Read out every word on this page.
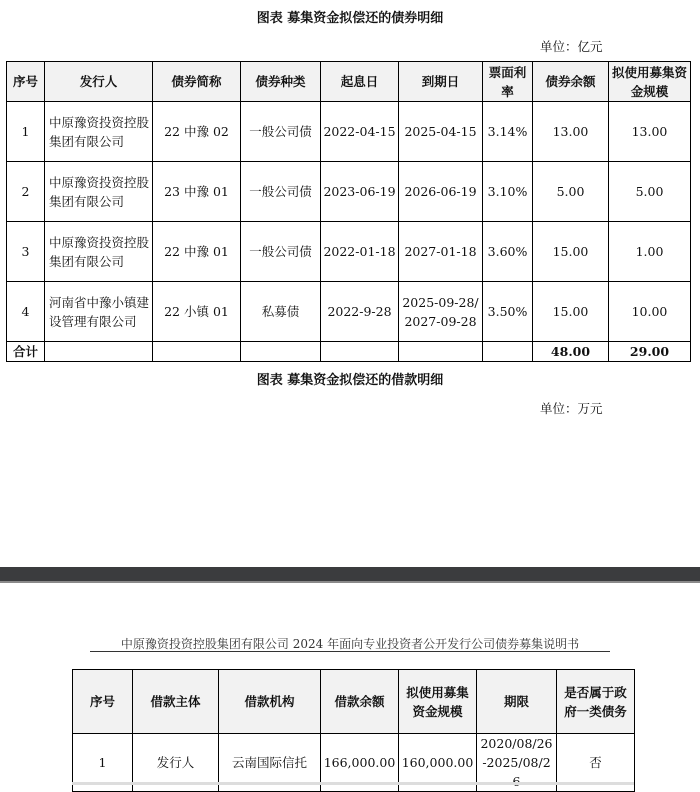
图表 募集资金拟偿还的债券明细
单位：亿元
序号	发行人	债券简称	债券种类	起息日	到期日	票面利率	债券余额	拟使用募集资金规模
1	中原豫资投资控股集团有限公司	22 中豫 02	一般公司债	2022-04-15	2025-04-15	3.14%	13.00	13.00
2	中原豫资投资控股集团有限公司	23 中豫 01	一般公司债	2023-06-19	2026-06-19	3.10%	5.00	5.00
3	中原豫资投资控股集团有限公司	22 中豫 01	一般公司债	2022-01-18	2027-01-18	3.60%	15.00	1.00
4	河南省中豫小镇建设管理有限公司	22 小镇 01	私募债	2022-9-28	2025-09-28/2027-09-28	3.50%	15.00	10.00
合计							48.00	29.00
图表 募集资金拟偿还的借款明细
单位：万元
中原豫资投资控股集团有限公司 2024 年面向专业投资者公开发行公司债券募集说明书
序号	借款主体	借款机构	借款余额	拟使用募集资金规模	期限	是否属于政府一类债务
1	发行人	云南国际信托	166,000.00	160,000.00	2020/08/26-2025/08/2	否
